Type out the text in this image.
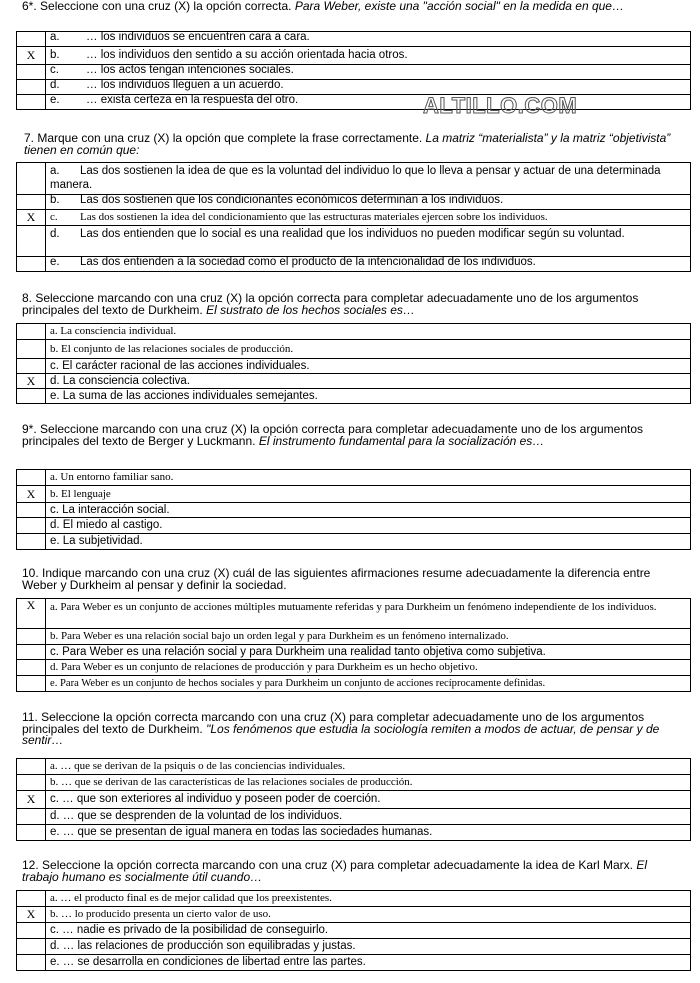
6*. Seleccione con una cruz (X) la opción correcta. Para Weber, existe una "acción social" en la medida en que…
	a. … los individuos se encuentren cara a cara.
X	b. … los individuos den sentido a su acción orientada hacia otros.
	c. … los actos tengan intenciones sociales.
	d. … los individuos lleguen a un acuerdo.
	e. … exista certeza en la respuesta del otro.	ALTILLO.COM
7. Marque con una cruz (X) la opción que complete la frase correctamente. La matriz “materialista” y la matriz “objetivista” tienen en común que:
	a. Las dos sostienen la idea de que es la voluntad del individuo lo que lo lleva a pensar y actuar de una determinada manera.
	b. Las dos sostienen que los condicionantes económicos determinan a los individuos.
X	c. Las dos sostienen la idea del condicionamiento que las estructuras materiales ejercen sobre los individuos.
	d. Las dos entienden que lo social es una realidad que los individuos no pueden modificar según su voluntad.
	e. Las dos entienden a la sociedad como el producto de la intencionalidad de los individuos.
8. Seleccione marcando con una cruz (X) la opción correcta para completar adecuadamente uno de los argumentos principales del texto de Durkheim. El sustrato de los hechos sociales es…
	a. La consciencia individual.
	b. El conjunto de las relaciones sociales de producción.
	c. El carácter racional de las acciones individuales.
X	d. La consciencia colectiva.
	e. La suma de las acciones individuales semejantes.
9*. Seleccione marcando con una cruz (X) la opción correcta para completar adecuadamente uno de los argumentos principales del texto de Berger y Luckmann. El instrumento fundamental para la socialización es…
	a. Un entorno familiar sano.
X	b. El lenguaje
	c. La interacción social.
	d. El miedo al castigo.
	e. La subjetividad.
10. Indique marcando con una cruz (X) cuál de las siguientes afirmaciones resume adecuadamente la diferencia entre Weber y Durkheim al pensar y definir la sociedad.
X	a. Para Weber es un conjunto de acciones múltiples mutuamente referidas y para Durkheim un fenómeno independiente de los individuos.
	b. Para Weber es una relación social bajo un orden legal y para Durkheim es un fenómeno internalizado.
	c. Para Weber es una relación social y para Durkheim una realidad tanto objetiva como subjetiva.
	d. Para Weber es un conjunto de relaciones de producción y para Durkheim es un hecho objetivo.
	e. Para Weber es un conjunto de hechos sociales y para Durkheim un conjunto de acciones recíprocamente definidas.
11. Seleccione la opción correcta marcando con una cruz (X) para completar adecuadamente uno de los argumentos principales del texto de Durkheim. "Los fenómenos que estudia la sociología remiten a modos de actuar, de pensar y de sentir…
	a. … que se derivan de la psiquis o de las conciencias individuales.
	b. … que se derivan de las características de las relaciones sociales de producción.
X	c. … que son exteriores al individuo y poseen poder de coerción.
	d. … que se desprenden de la voluntad de los individuos.
	e. … que se presentan de igual manera en todas las sociedades humanas.
12. Seleccione la opción correcta marcando con una cruz (X) para completar adecuadamente la idea de Karl Marx. El trabajo humano es socialmente útil cuando…
	a. … el producto final es de mejor calidad que los preexistentes.
X	b. … lo producido presenta un cierto valor de uso.
	c. … nadie es privado de la posibilidad de conseguirlo.
	d. … las relaciones de producción son equilibradas y justas.
	e. … se desarrolla en condiciones de libertad entre las partes.
